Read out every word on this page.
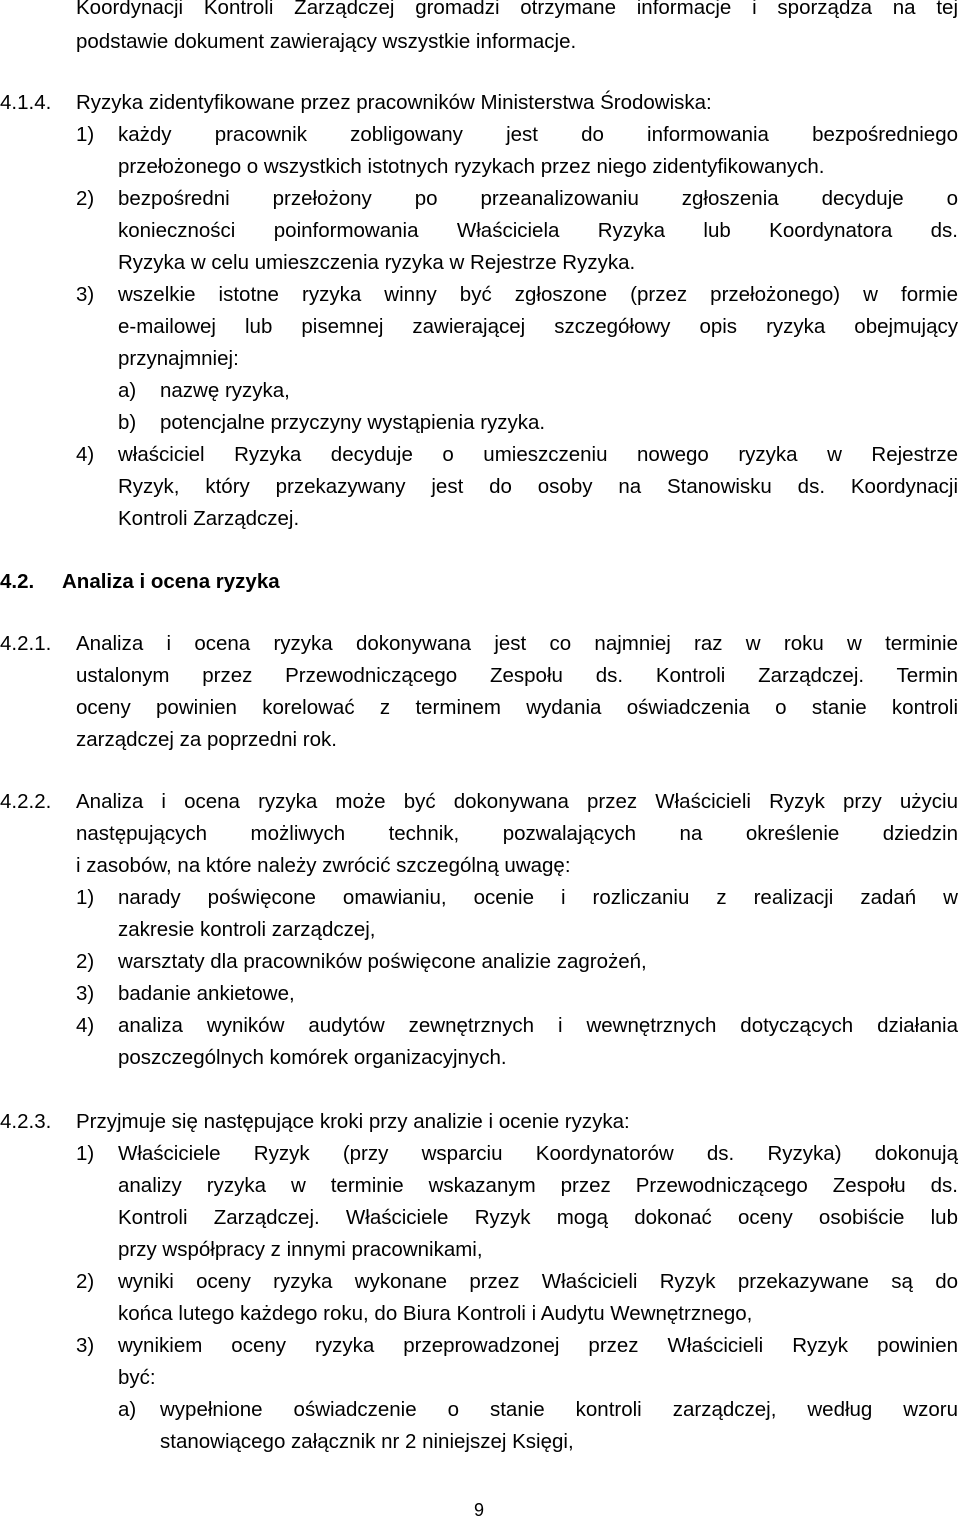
Koordynacji Kontroli Zarządczej gromadzi otrzymane informacje i sporządza na tej
podstawie dokument zawierający wszystkie informacje.
4.1.4. Ryzyka zidentyfikowane przez pracowników Ministerstwa Środowiska:
1) każdy pracownik zobligowany jest do informowania bezpośredniego
przełożonego o wszystkich istotnych ryzykach przez niego zidentyfikowanych.
2) bezpośredni przełożony po przeanalizowaniu zgłoszenia decyduje o
konieczności poinformowania Właściciela Ryzyka lub Koordynatora ds.
Ryzyka w celu umieszczenia ryzyka w Rejestrze Ryzyka.
3) wszelkie istotne ryzyka winny być zgłoszone (przez przełożonego) w formie
e-mailowej lub pisemnej zawierającej szczegółowy opis ryzyka obejmujący
przynajmniej:
a) nazwę ryzyka,
b) potencjalne przyczyny wystąpienia ryzyka.
4) właściciel Ryzyka decyduje o umieszczeniu nowego ryzyka w Rejestrze
Ryzyk, który przekazywany jest do osoby na Stanowisku ds. Koordynacji
Kontroli Zarządczej.
4.2. Analiza i ocena ryzyka
4.2.1. Analiza i ocena ryzyka dokonywana jest co najmniej raz w roku w terminie
ustalonym przez Przewodniczącego Zespołu ds. Kontroli Zarządczej. Termin
oceny powinien korelować z terminem wydania oświadczenia o stanie kontroli
zarządczej za poprzedni rok.
4.2.2. Analiza i ocena ryzyka może być dokonywana przez Właścicieli Ryzyk przy użyciu
następujących możliwych technik, pozwalających na określenie dziedzin
i zasobów, na które należy zwrócić szczególną uwagę:
1) narady poświęcone omawianiu, ocenie i rozliczaniu z realizacji zadań w
zakresie kontroli zarządczej,
2) warsztaty dla pracowników poświęcone analizie zagrożeń,
3) badanie ankietowe,
4) analiza wyników audytów zewnętrznych i wewnętrznych dotyczących działania
poszczególnych komórek organizacyjnych.
4.2.3. Przyjmuje się następujące kroki przy analizie i ocenie ryzyka:
1) Właściciele Ryzyk (przy wsparciu Koordynatorów ds. Ryzyka) dokonują
analizy ryzyka w terminie wskazanym przez Przewodniczącego Zespołu ds.
Kontroli Zarządczej. Właściciele Ryzyk mogą dokonać oceny osobiście lub
przy współpracy z innymi pracownikami,
2) wyniki oceny ryzyka wykonane przez Właścicieli Ryzyk przekazywane są do
końca lutego każdego roku, do Biura Kontroli i Audytu Wewnętrznego,
3) wynikiem oceny ryzyka przeprowadzonej przez Właścicieli Ryzyk powinien
być:
a) wypełnione oświadczenie o stanie kontroli zarządczej, według wzoru
stanowiącego załącznik nr 2 niniejszej Księgi,
9
